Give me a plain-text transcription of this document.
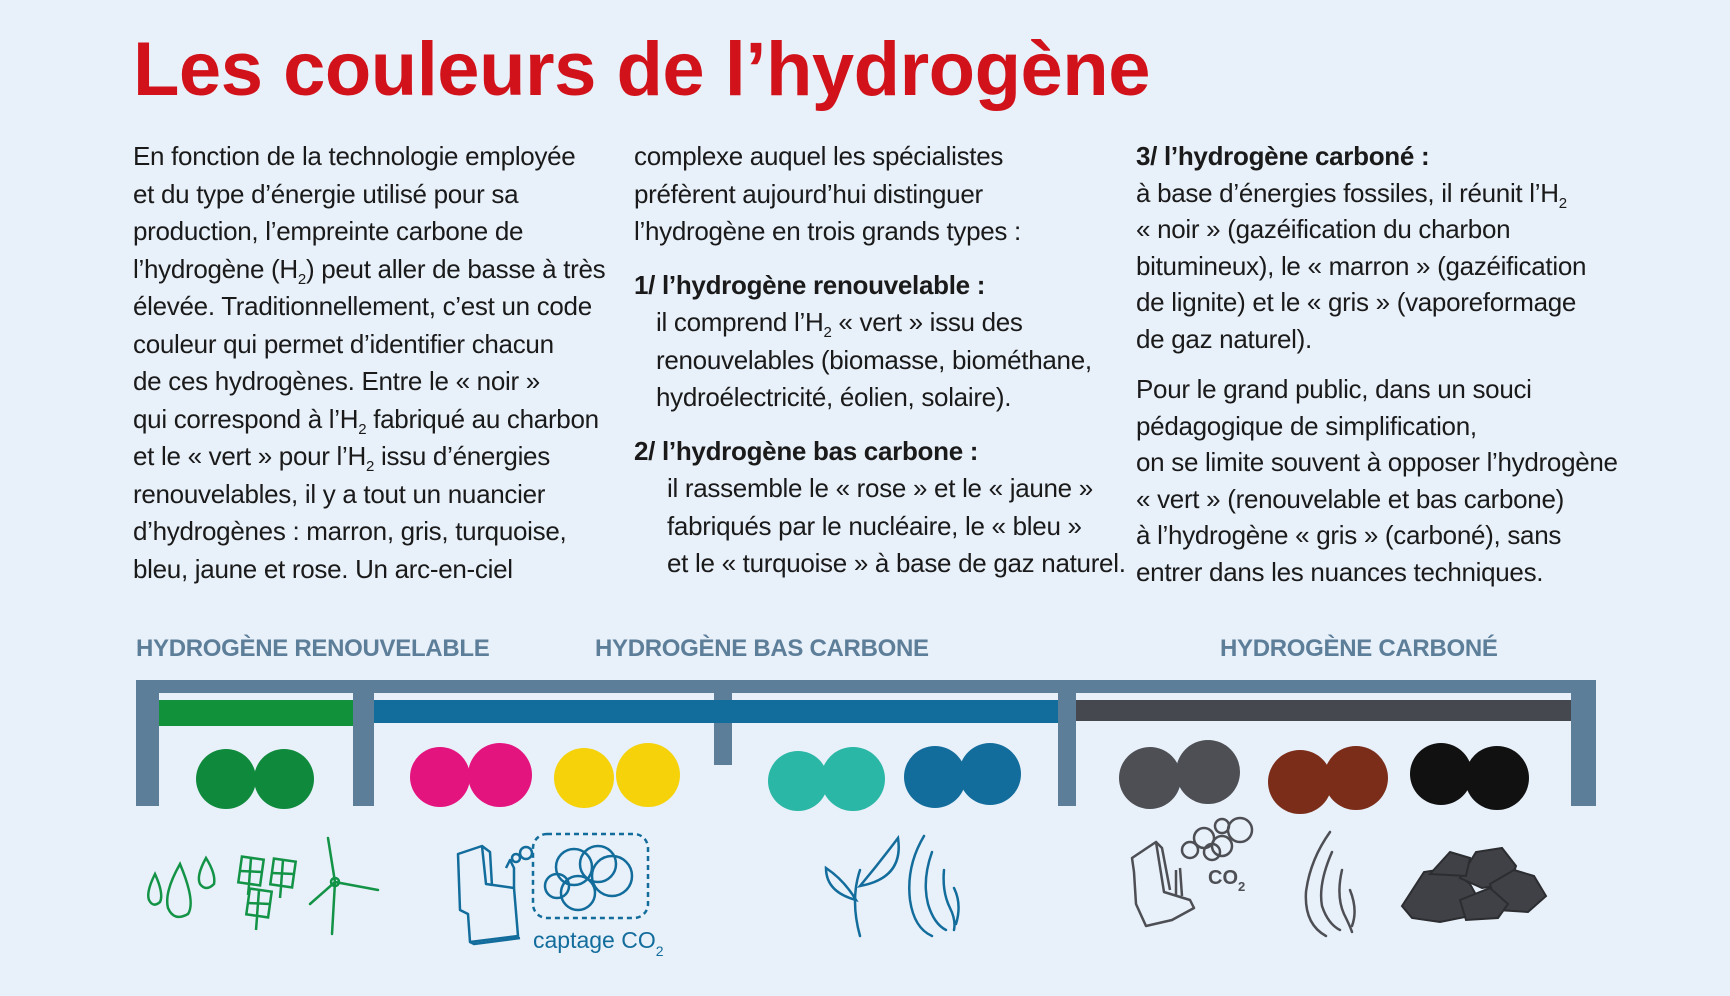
Les couleurs de l’hydrogène
En fonction de la technologie employée
et du type d’énergie utilisé pour sa
production, l’empreinte carbone de
l’hydrogène $(H_2)$ peut aller de basse à très
élevée. Traditionnellement, c’est un code
couleur qui permet d’identifier chacun
de ces hydrogènes. Entre le « noir »
qui correspond à $l’H_2$ fabriqué au charbon
et le « vert » pour $l’H_2$ issu d’énergies
renouvelables, il y a tout un nuancier
d’hydrogènes : marron, gris, turquoise,
bleu, jaune et rose. Un arc-en-ciel
complexe auquel les spécialistes
préfèrent aujourd’hui distinguer
l’hydrogène en trois grands types :
1/ l’hydrogène renouvelable :
il comprend $l’H_2$ « vert » issu des
renouvelables (biomasse, biométhane,
hydroélectricité, éolien, solaire).
2/ l’hydrogène bas carbone :
il rassemble le « rose » et le « jaune »
fabriqués par le nucléaire, le « bleu »
et le « turquoise » à base de gaz naturel.
3/ l’hydrogène carboné :
à base d’énergies fossiles, il réunit $l’H_2$
« noir » (gazéification du charbon
bitumineux), le « marron » (gazéification
de lignite) et le « gris » (vaporeformage
de gaz naturel).
Pour le grand public, dans un souci
pédagogique de simplification,
on se limite souvent à opposer l’hydrogène
« vert » (renouvelable et bas carbone)
à l’hydrogène « gris » (carboné), sans
entrer dans les nuances techniques.
HYDROGÈNE RENOUVELABLE	HYDROGÈNE BAS CARBONE	HYDROGÈNE CARBONÉ
captage $CO_2$
$CO_2$
